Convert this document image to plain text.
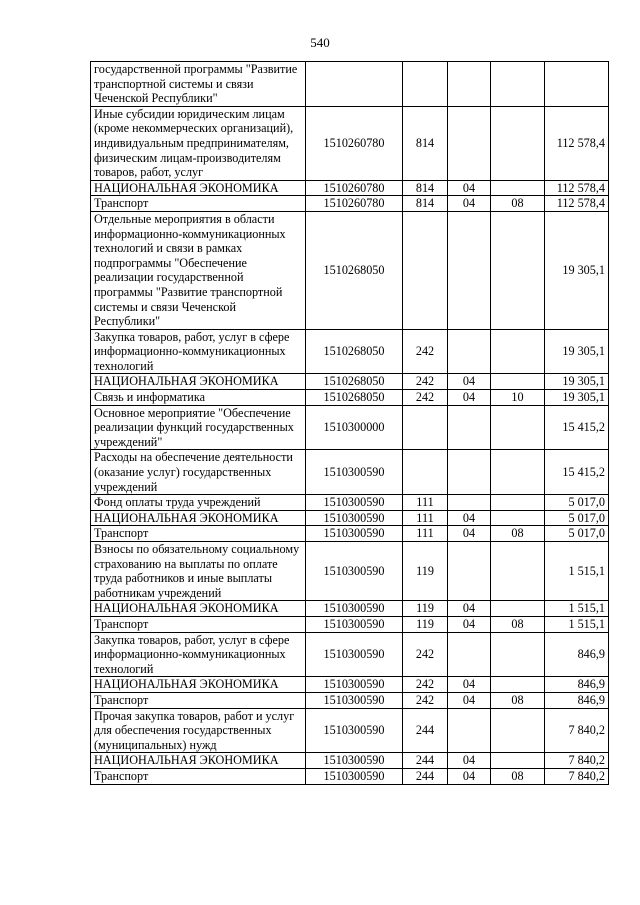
540
государственной программы "Развитие транспортной системы и связи Чеченской Республики"					
Иные субсидии юридическим лицам (кроме некоммерческих организаций), индивидуальным предпринимателям, физическим лицам-производителям товаров, работ, услуг	1510260780	814			112 578,4
НАЦИОНАЛЬНАЯ ЭКОНОМИКА	1510260780	814	04		112 578,4
Транспорт	1510260780	814	04	08	112 578,4
Отдельные мероприятия в области информационно-коммуникационных технологий и связи в рамках подпрограммы "Обеспечение реализации государственной программы "Развитие транспортной системы и связи Чеченской Республики"	1510268050				19 305,1
Закупка товаров, работ, услуг в сфере информационно-коммуникационных технологий	1510268050	242			19 305,1
НАЦИОНАЛЬНАЯ ЭКОНОМИКА	1510268050	242	04		19 305,1
Связь и информатика	1510268050	242	04	10	19 305,1
Основное мероприятие "Обеспечение реализации функций государственных учреждений"	1510300000				15 415,2
Расходы на обеспечение деятельности (оказание услуг) государственных учреждений	1510300590				15 415,2
Фонд оплаты труда учреждений	1510300590	111			5 017,0
НАЦИОНАЛЬНАЯ ЭКОНОМИКА	1510300590	111	04		5 017,0
Транспорт	1510300590	111	04	08	5 017,0
Взносы по обязательному социальному страхованию на выплаты по оплате труда работников и иные выплаты работникам учреждений	1510300590	119			1 515,1
НАЦИОНАЛЬНАЯ ЭКОНОМИКА	1510300590	119	04		1 515,1
Транспорт	1510300590	119	04	08	1 515,1
Закупка товаров, работ, услуг в сфере информационно-коммуникационных технологий	1510300590	242			846,9
НАЦИОНАЛЬНАЯ ЭКОНОМИКА	1510300590	242	04		846,9
Транспорт	1510300590	242	04	08	846,9
Прочая закупка товаров, работ и услуг для обеспечения государственных (муниципальных) нужд	1510300590	244			7 840,2
НАЦИОНАЛЬНАЯ ЭКОНОМИКА	1510300590	244	04		7 840,2
Транспорт	1510300590	244	04	08	7 840,2
